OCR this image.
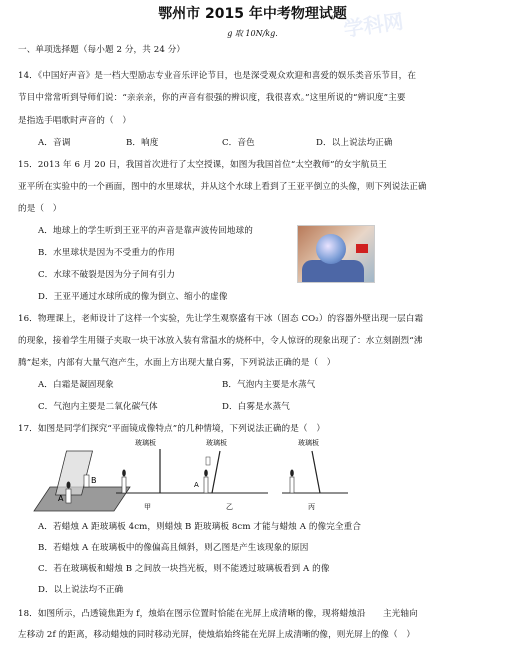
学科网
鄂州市 2015 年中考物理试题
g 取 10N/kg.
一、单项选择题（每小题 2 分，共 24 分）
14．《中国好声音》是一档大型励志专业音乐评论节目，也是深受观众欢迎和喜爱的娱乐类音乐节目，在
节目中常常听到导师们说：“亲亲亲，你的声音有很强的辨识度，我很喜欢。”这里所说的“辨识度”主要
是指选手唱歌时声音的（　）
A．音调	B．响度	C．音色	D．以上说法均正确
15．2013 年 6 月 20 日，我国首次进行了太空授课，如图为我国首位“太空教师”的女宇航员王
亚平所在实验中的一个画面，图中的水里球状，并从这个水球上看到了王亚平倒立的头像，则下列说法正确
的是（　）
A．地球上的学生听到王亚平的声音是靠声波传回地球的
B．水里球状是因为不受重力的作用
C．水球不破裂是因为分子间有引力
D．王亚平通过水球所成的像为倒立、缩小的虚像
16．物理课上，老师设计了这样一个实验，先让学生观察盛有干冰（固态 CO₂）的容器外壁出现一层白霜
的现象，接着学生用镊子夹取一块干冰放入装有常温水的烧杯中，令人惊讶的现象出现了：水立刻剧烈“沸
腾”起来，内部有大量气泡产生，水面上方出现大量白雾，下列说法正确的是（　）
A．白霜是凝固现象	B．气泡内主要是水蒸气
C．气泡内主要是二氧化碳气体	D．白雾是水蒸气
17．如图是同学们探究“平面镜成像特点”的几种情境，下列说法正确的是（　）
A
B
玻璃板
甲
A
玻璃板
乙
玻璃板
丙
A．若蜡烛 A 距玻璃板 4cm，则蜡烛 B 距玻璃板 8cm 才能与蜡烛 A 的像完全重合
B．若蜡烛 A 在玻璃板中的像偏高且倾斜，则乙图是产生该现象的原因
C．若在玻璃板和蜡烛 B 之间放一块挡光板，则不能透过玻璃板看到 A 的像
D．以上说法均不正确
18．如图所示，凸透镜焦距为 f，烛焰在图示位置时恰能在光屏上成清晰的像，现将蜡烛沿　　主光轴向
左移动 2f 的距离，移动蜡烛的同时移动光屏，使烛焰始终能在光屏上成清晰的像，则光屏上的像（　）
